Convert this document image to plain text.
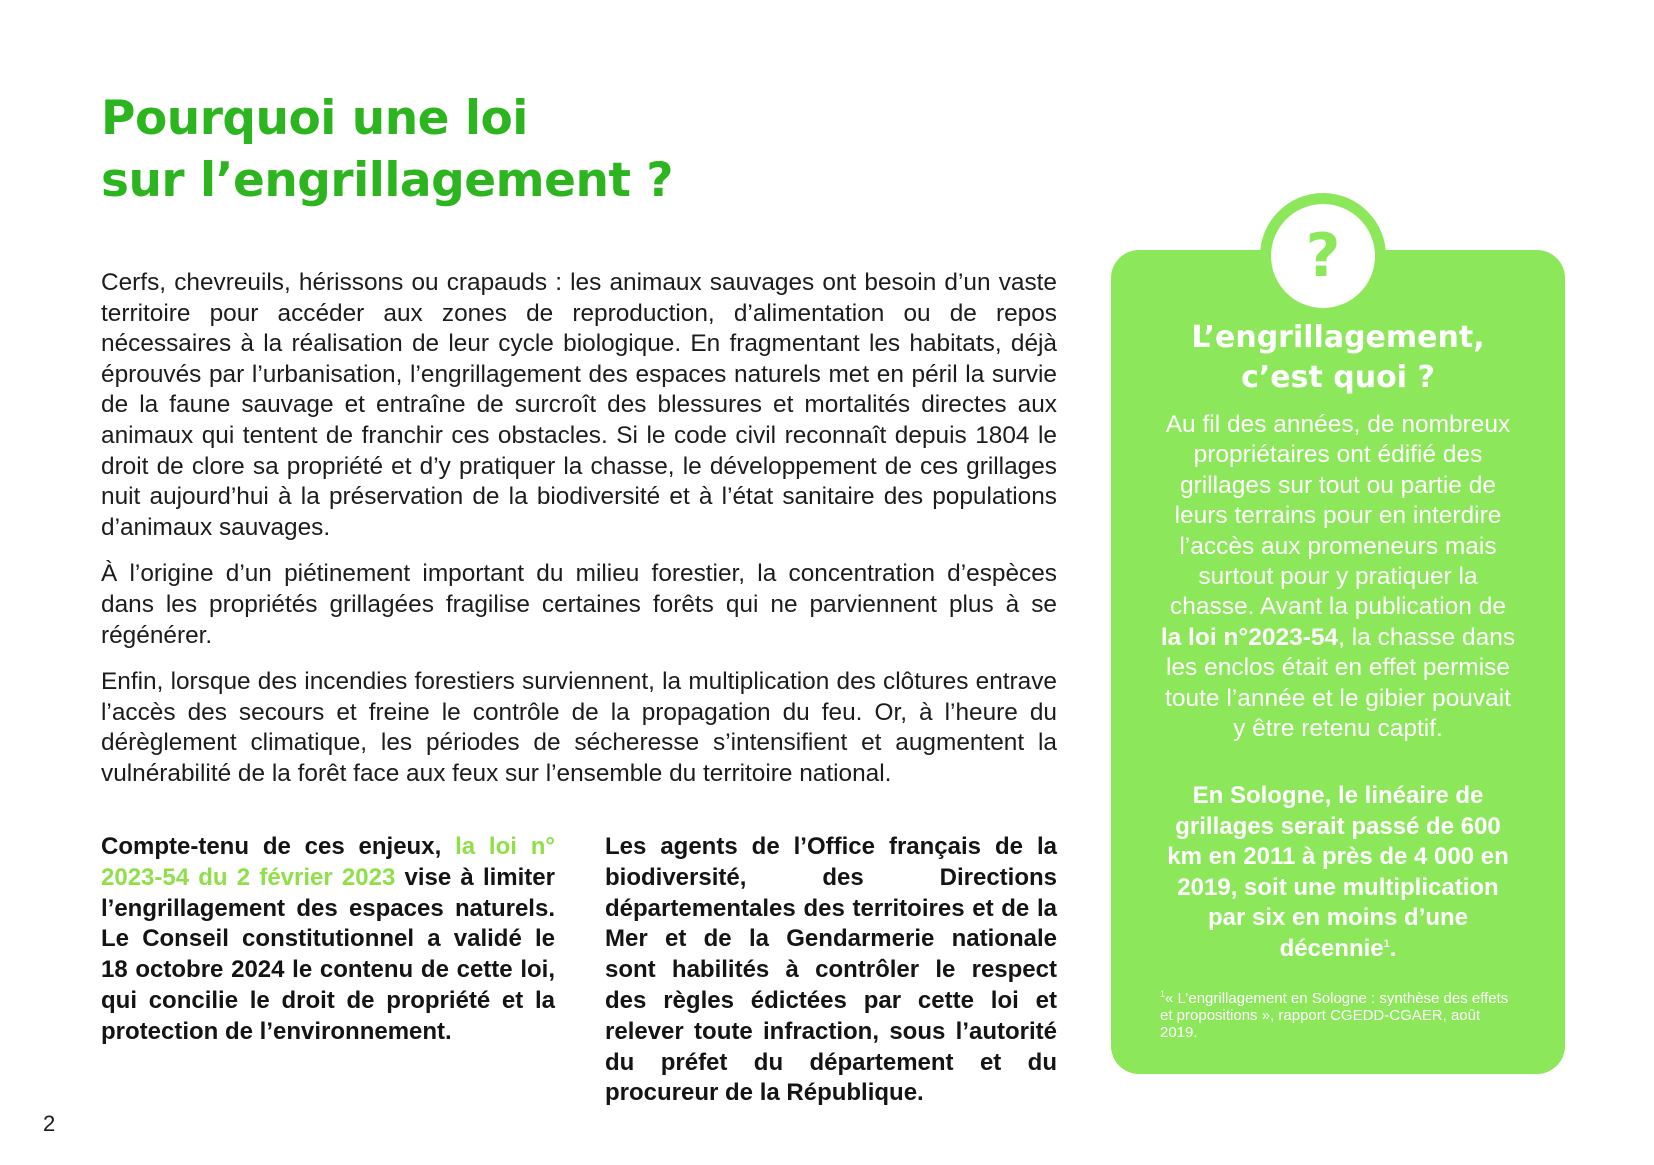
Pourquoi une loi
sur l’engrillagement ?

Cerfs, chevreuils, hérissons ou crapauds : les animaux sauvages ont besoin d’un vaste territoire pour accéder aux zones de reproduction, d’alimentation ou de repos nécessaires à la réalisation de leur cycle biologique. En fragmentant les habitats, déjà éprouvés par l’urbanisation, l’engrillagement des espaces naturels met en péril la survie de la faune sauvage et entraîne de surcroît des blessures et mortalités directes aux animaux qui tentent de franchir ces obstacles. Si le code civil reconnaît depuis 1804 le droit de clore sa propriété et d’y pratiquer la chasse, le développement de ces grillages nuit aujourd’hui à la préservation de la biodiversité et à l’état sanitaire des populations d’animaux sauvages.

À l’origine d’un piétinement important du milieu forestier, la concentration d’espèces dans les propriétés grillagées fragilise certaines forêts qui ne parviennent plus à se régénérer.

Enfin, lorsque des incendies forestiers surviennent, la multiplication des clôtures entrave l’accès des secours et freine le contrôle de la propagation du feu. Or, à l’heure du dérèglement climatique, les périodes de sécheresse s’intensifient et augmentent la vulnérabilité de la forêt face aux feux sur l’ensemble du territoire national.

Compte-tenu de ces enjeux, la loi n° 2023-54 du 2 février 2023 vise à limiter l’engrillagement des espaces naturels. Le Conseil constitutionnel a validé le 18 octobre 2024 le contenu de cette loi, qui concilie le droit de propriété et la protection de l’environnement.
Les agents de l’Office français de la biodiversité, des Directions départementales des territoires et de la Mer et de la Gendarmerie nationale sont habilités à contrôler le respect des règles édictées par cette loi et relever toute infraction, sous l’autorité du préfet du département et du procureur de la République.
?
L’engrillagement,
c’est quoi ?
Au fil des années, de nombreux propriétaires ont édifié des grillages sur tout ou partie de leurs terrains pour en interdire l’accès aux promeneurs mais surtout pour y pratiquer la chasse. Avant la publication de la loi n°2023-54, la chasse dans les enclos était en effet permise toute l’année et le gibier pouvait y être retenu captif.
En Sologne, le linéaire de grillages serait passé de 600 km en 2011 à près de 4 000 en 2019, soit une multiplication par six en moins d’une décennie$^1$.
$^1$« L’engrillagement en Sologne : synthèse des effets et propositions », rapport CGEDD-CGAER, août 2019.
2
